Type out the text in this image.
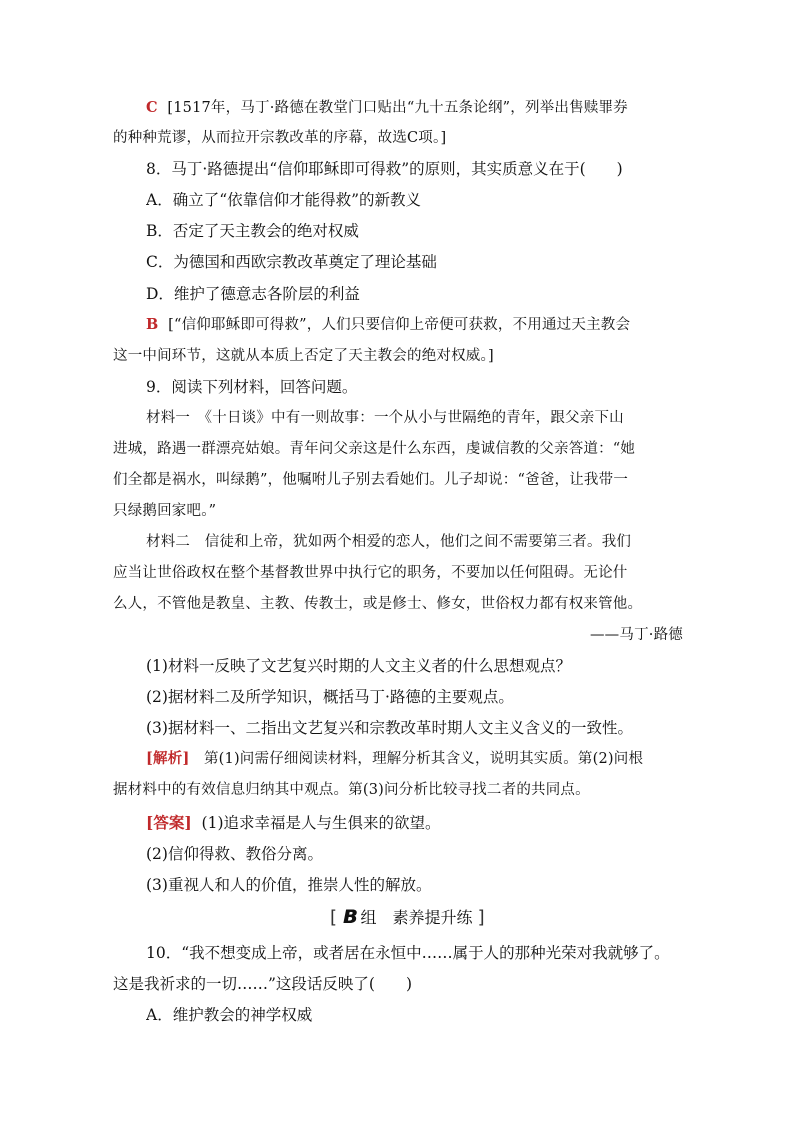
C [1517年，马丁·路德在教堂门口贴出“九十五条论纲”，列举出售赎罪券
的种种荒谬，从而拉开宗教改革的序幕，故选C项。]
8．马丁·路德提出“信仰耶稣即可得救”的原则，其实质意义在于(　　)
A．确立了“依靠信仰才能得救”的新教义
B．否定了天主教会的绝对权威
C．为德国和西欧宗教改革奠定了理论基础
D．维护了德意志各阶层的利益
B [“信仰耶稣即可得救”，人们只要信仰上帝便可获救，不用通过天主教会
这一中间环节，这就从本质上否定了天主教会的绝对权威。]
9．阅读下列材料，回答问题。
材料一　《十日谈》中有一则故事：一个从小与世隔绝的青年，跟父亲下山
进城，路遇一群漂亮姑娘。青年问父亲这是什么东西，虔诚信教的父亲答道：“她
们全都是祸水，叫绿鹅”，他嘱咐儿子别去看她们。儿子却说：“爸爸，让我带一
只绿鹅回家吧。”
材料二　信徒和上帝，犹如两个相爱的恋人，他们之间不需要第三者。我们
应当让世俗政权在整个基督教世界中执行它的职务，不要加以任何阻碍。无论什
么人，不管他是教皇、主教、传教士，或是修士、修女，世俗权力都有权来管他。
——马丁·路德
(1)材料一反映了文艺复兴时期的人文主义者的什么思想观点？
(2)据材料二及所学知识，概括马丁·路德的主要观点。
(3)据材料一、二指出文艺复兴和宗教改革时期人文主义含义的一致性。
[解析] 第(1)问需仔细阅读材料，理解分析其含义，说明其实质。第(2)问根
据材料中的有效信息归纳其中观点。第(3)问分析比较寻找二者的共同点。
[答案] (1)追求幸福是人与生俱来的欲望。
(2)信仰得救、教俗分离。
(3)重视人和人的价值，推崇人性的解放。
[ B 组　素养提升练 ]
10．“我不想变成上帝，或者居在永恒中……属于人的那种光荣对我就够了。
这是我祈求的一切……”这段话反映了(　　)
A．维护教会的神学权威
